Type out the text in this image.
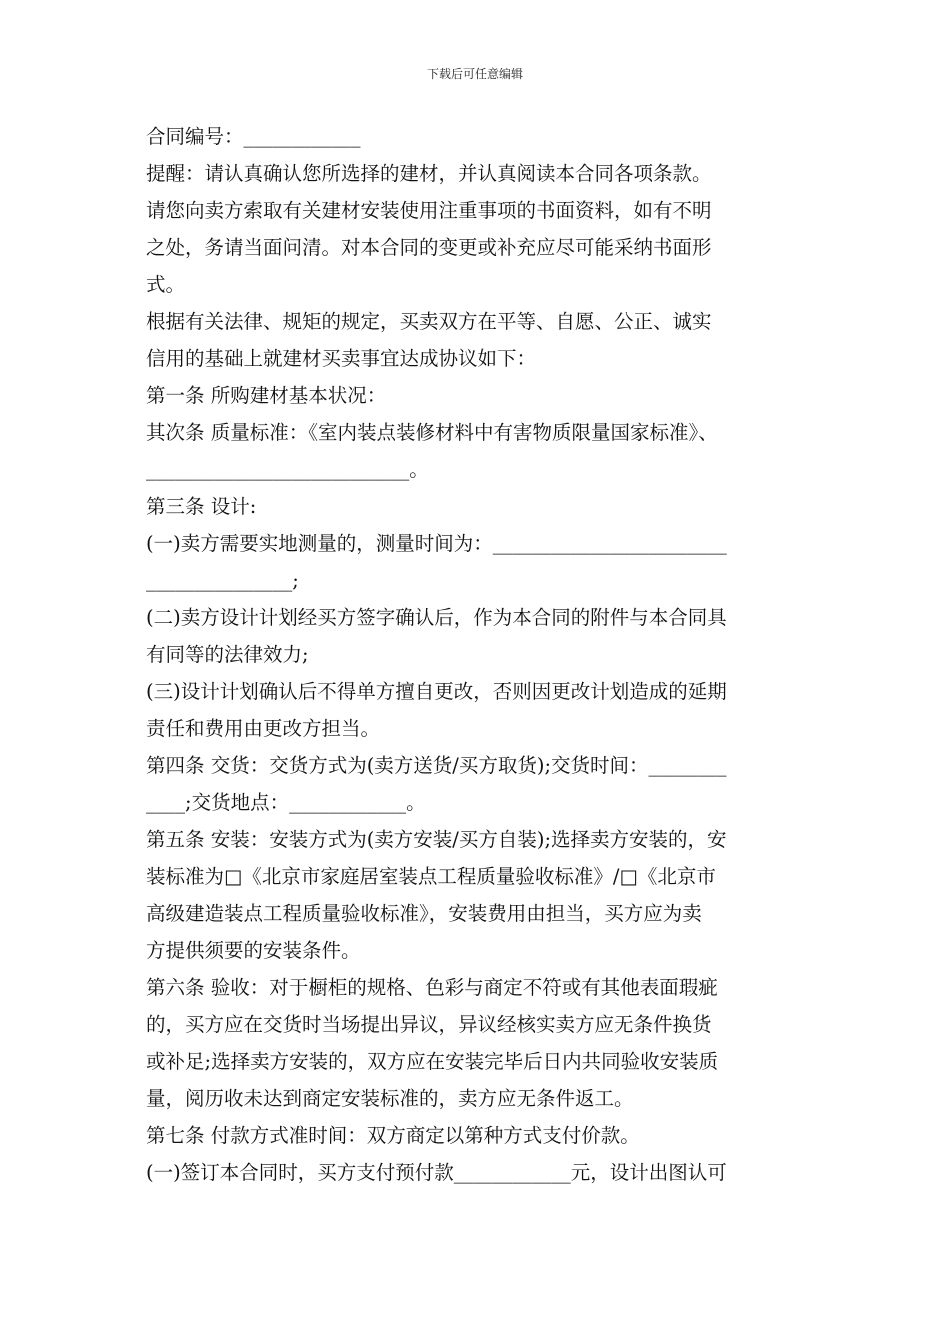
下载后可任意编辑
合同编号：____________
提醒：请认真确认您所选择的建材，并认真阅读本合同各项条款。
请您向卖方索取有关建材安装使用注重事项的书面资料，如有不明
之处，务请当面问清。对本合同的变更或补充应尽可能采纳书面形
式。
根据有关法律、规矩的规定，买卖双方在平等、自愿、公正、诚实
信用的基础上就建材买卖事宜达成协议如下：
第一条 所购建材基本状况：
其次条 质量标准：《室内装点装修材料中有害物质限量国家标准》、
___________________________。
第三条 设计:
(一)卖方需要实地测量的，测量时间为：________________________
_______________;
(二)卖方设计计划经买方签字确认后，作为本合同的附件与本合同具
有同等的法律效力;
(三)设计计划确认后不得单方擅自更改，否则因更改计划造成的延期
责任和费用由更改方担当。
第四条 交货：交货方式为(卖方送货/买方取货);交货时间：________
____;交货地点：____________。
第五条 安装：安装方式为(卖方安装/买方自装);选择卖方安装的，安
装标准为□《北京市家庭居室装点工程质量验收标准》/□《北京市
高级建造装点工程质量验收标准》，安装费用由担当，买方应为卖
方提供须要的安装条件。
第六条 验收：对于橱柜的规格、色彩与商定不符或有其他表面瑕疵
的，买方应在交货时当场提出异议，异议经核实卖方应无条件换货
或补足;选择卖方安装的，双方应在安装完毕后日内共同验收安装质
量，阅历收未达到商定安装标准的，卖方应无条件返工。
第七条 付款方式准时间：双方商定以第种方式支付价款。
(一)签订本合同时，买方支付预付款____________元，设计出图认可
